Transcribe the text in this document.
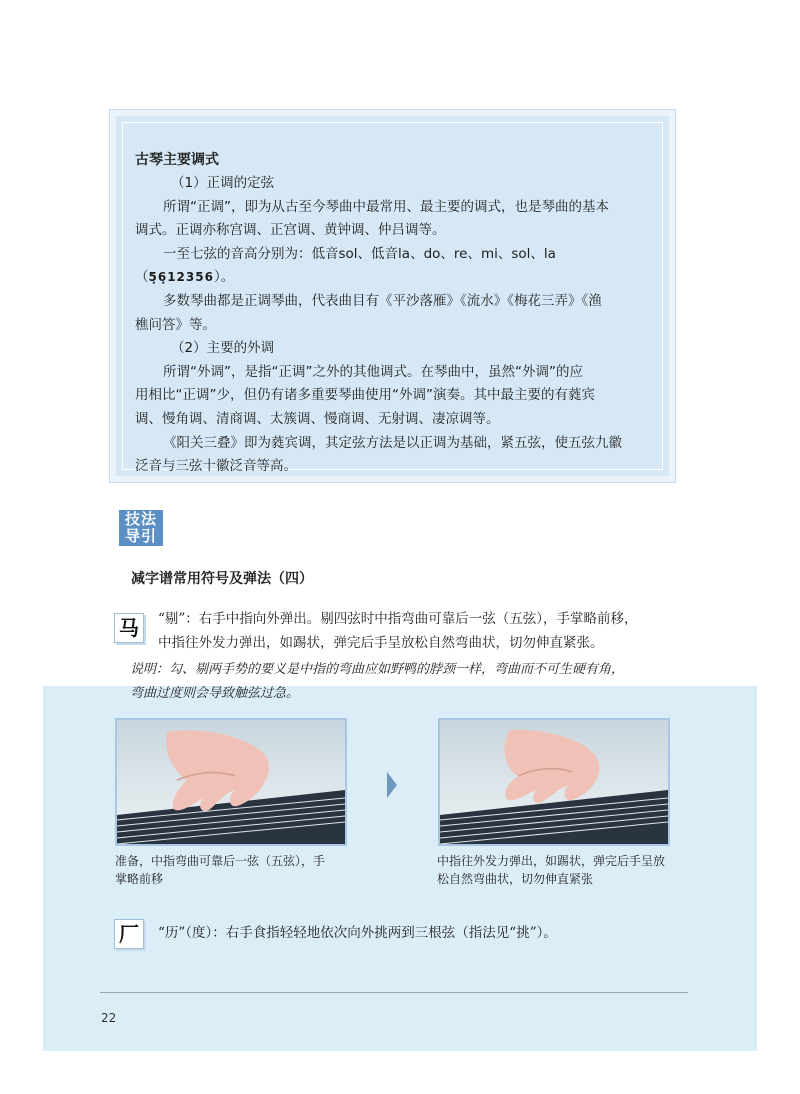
古琴主要调式

（1）正调的定弦

所谓“正调”，即为从古至今琴曲中最常用、最主要的调式，也是琴曲的基本

调式。正调亦称宫调、正宫调、黄钟调、仲吕调等。

一至七弦的音高分别为：低音sol、低音la、do、re、mi、sol、la（5̣6̣12356）。

多数琴曲都是正调琴曲，代表曲目有《平沙落雁》《流水》《梅花三弄》《渔

樵问答》等。

（2）主要的外调

所谓“外调”，是指“正调”之外的其他调式。在琴曲中，虽然“外调”的应

用相比“正调”少，但仍有诸多重要琴曲使用“外调”演奏。其中最主要的有蕤宾

调、慢角调、清商调、太簇调、慢商调、无射调、凄凉调等。

《阳关三叠》即为蕤宾调，其定弦方法是以正调为基础，紧五弦，使五弦九徽

泛音与三弦十徽泛音等高。

技法
导引
减字谱常用符号及弹法（四）
马	“剔”：右手中指向外弹出。剔四弦时中指弯曲可靠后一弦（五弦），手掌略前移，
中指往外发力弹出，如踢状，弹完后手呈放松自然弯曲状，切勿伸直紧张。
说明：勾、剔两手势的要义是中指的弯曲应如野鸭的脖颈一样，弯曲而不可生硬有角，
弯曲过度则会导致触弦过急。
准备，中指弯曲可靠后一弦（五弦），手
掌略前移
中指往外发力弹出，如踢状，弹完后手呈放
松自然弯曲状，切勿伸直紧张
厂	“历”（度）：右手食指轻轻地依次向外挑两到三根弦（指法见“挑”）。
22
